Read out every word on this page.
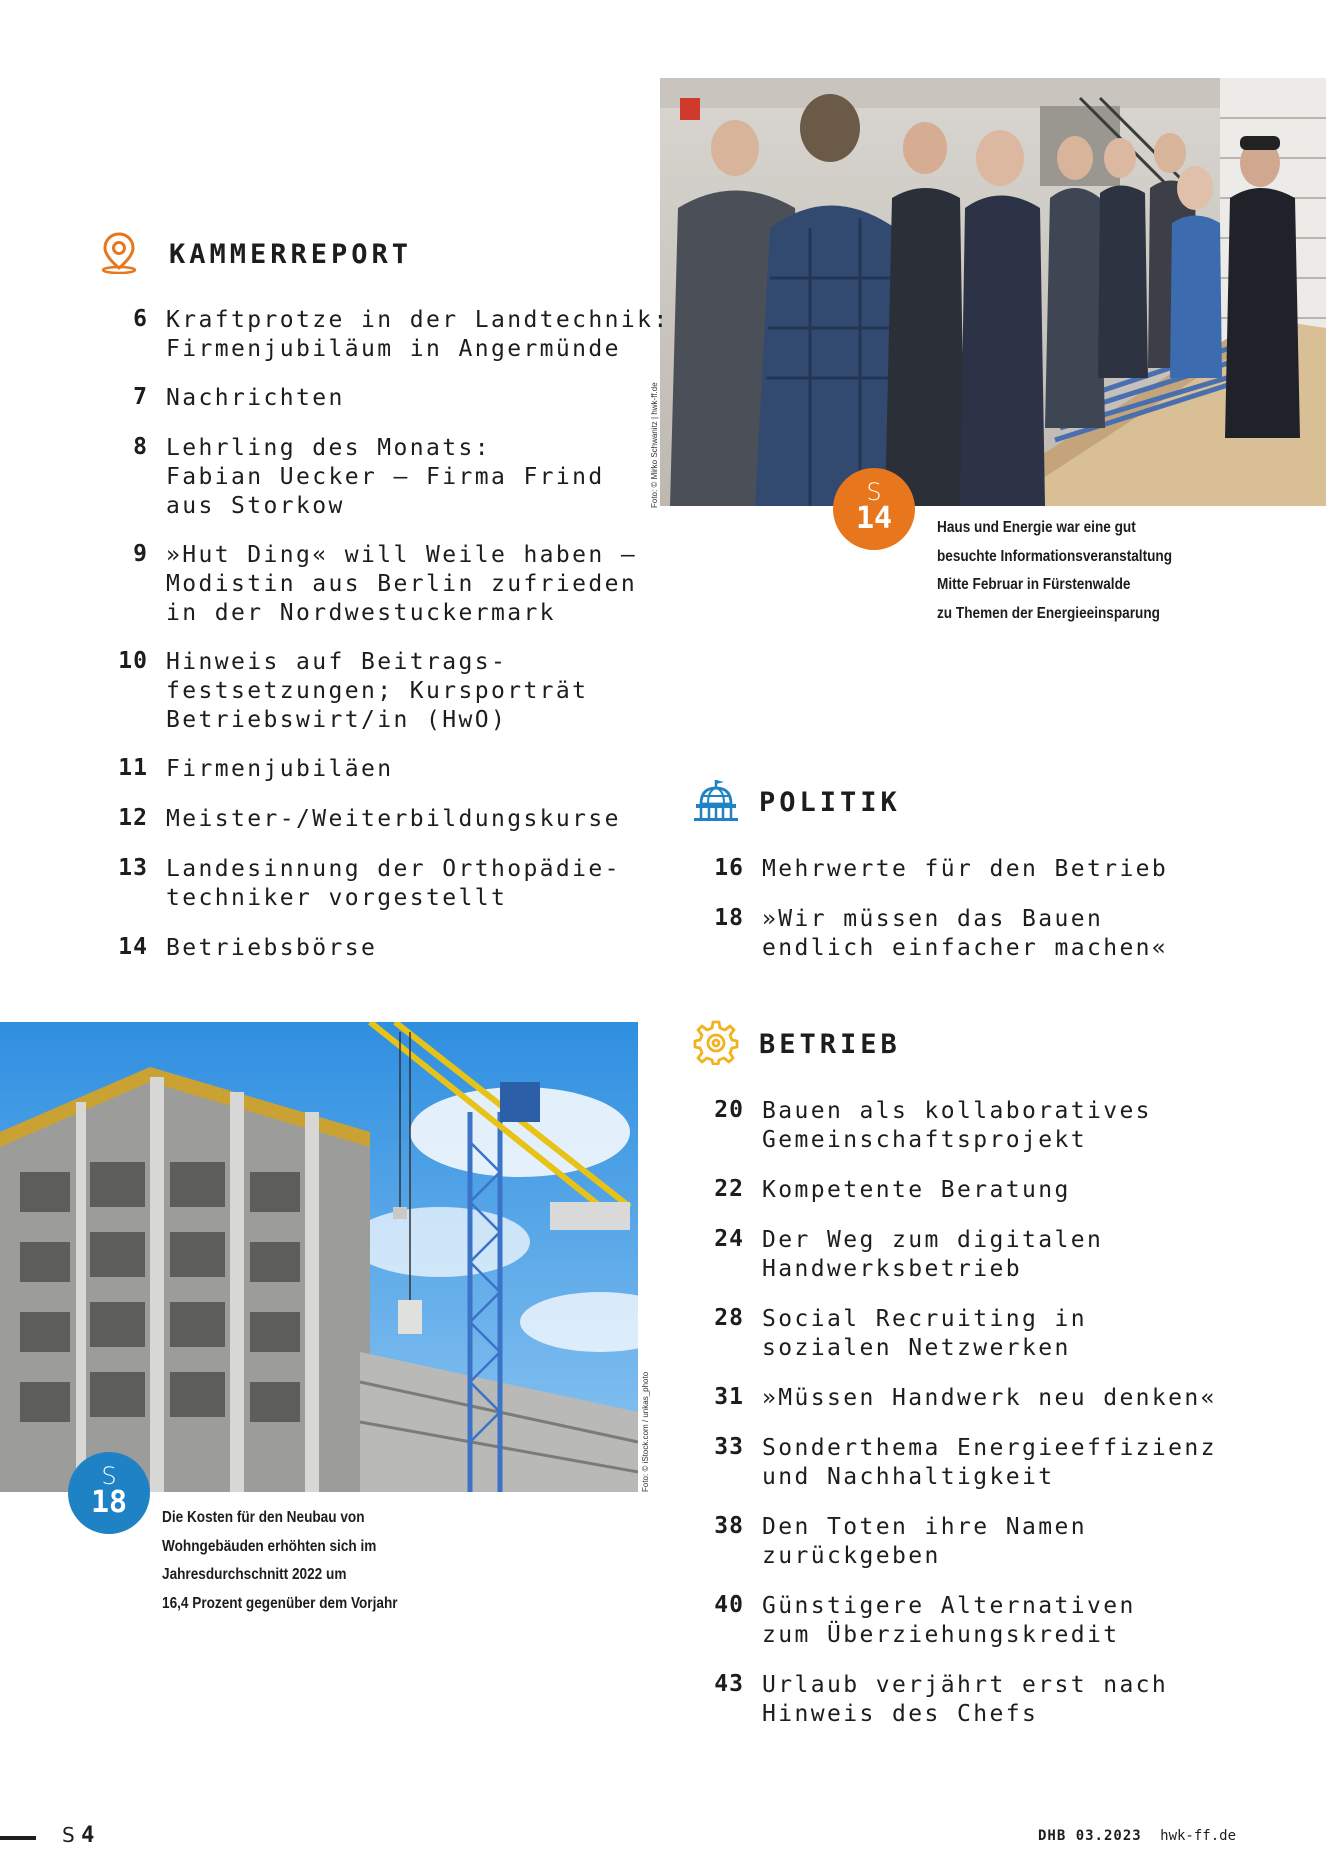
Foto: © Mirko Schwanitz | hwk-ff.de	S
14	Haus und Energie war eine gut
besuchte Informationsveranstaltung
Mitte Februar in Fürstenwalde
zu Themen der Energieeinsparung
KAMMERREPORT
6 Kraftprotze in der Landtechnik:
Firmenjubiläum in Angermünde
7 Nachrichten
8 Lehrling des Monats:
Fabian Uecker – Firma Frind
aus Storkow
9 »Hut Ding« will Weile haben –
Modistin aus Berlin zufrieden
in der Nordwestuckermark
10 Hinweis auf Beitrags-
festsetzungen; Kursporträt
Betriebswirt/in (HwO)
11 Firmenjubiläen
12 Meister-/Weiterbildungskurse
13 Landesinnung der Orthopädie-
techniker vorgestellt
14 Betriebsbörse
POLITIK
16 Mehrwerte für den Betrieb
18 »Wir müssen das Bauen
endlich einfacher machen«
Foto: © iStock.com / unkas_photo
S
18	Die Kosten für den Neubau von
Wohngebäuden erhöhten sich im
Jahresdurchschnitt 2022 um
16,4 Prozent gegenüber dem Vorjahr
BETRIEB
20 Bauen als kollaboratives
Gemeinschaftsprojekt
22 Kompetente Beratung
24 Der Weg zum digitalen
Handwerksbetrieb
28 Social Recruiting in
sozialen Netzwerken
31 »Müssen Handwerk neu denken«
33 Sonderthema Energieeffizienz
und Nachhaltigkeit
38 Den Toten ihre Namen
zurückgeben
40 Günstigere Alternativen
zum Überziehungskredit
43 Urlaub verjährt erst nach
Hinweis des Chefs
S 4	DHB 03.2023 hwk-ff.de
